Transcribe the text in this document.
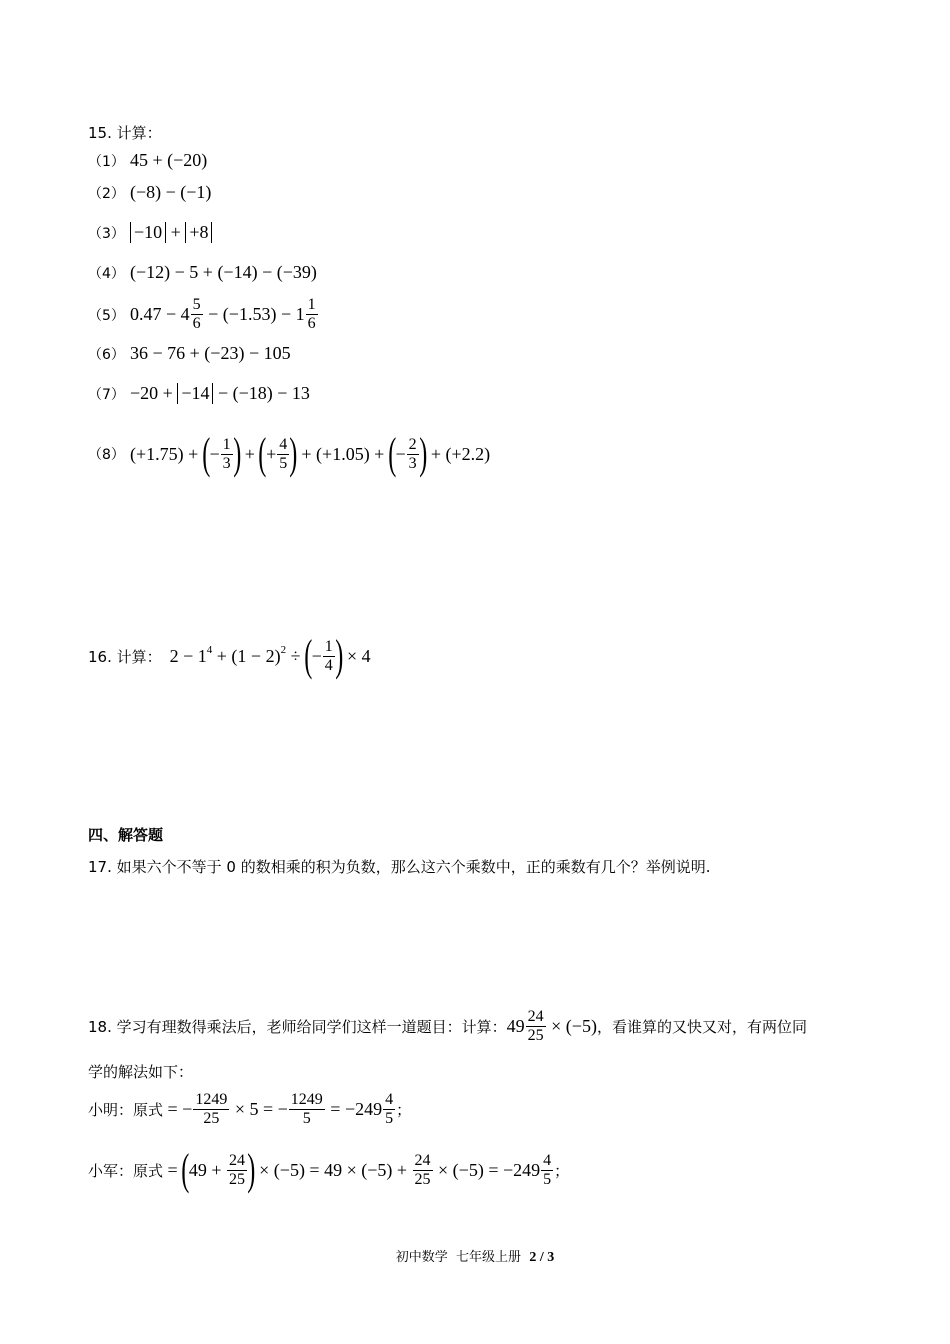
15. 计算：
（1） 45 + (−20)
（2） (−8) − (−1)
（3） −10 + +8
（4） (−12) − 5 + (−14) − (−39)
（5） $0.47 - 4 \frac{5}{6} - (-1.53) - 1 \frac{1}{6}$
（6） 36 − 76 + (−23) − 105
（7） −20 + −14 − (−18) − 13
（8） (+1.75) + ( − $\frac{1}{3}$ ) + ( + $\frac{4}{5}$ ) + (+1.05) + ( − $\frac{2}{3}$ ) + (+2.2)
16. 计算： $2 - 1^4 + (1 - 2)^2$ ÷ ( − $\frac{1}{4}$ ) × 4
四、解答题
17. 如果六个不等于 0 的数相乘的积为负数，那么这六个乘数中，正的乘数有几个？举例说明.
18. 学习有理数得乘法后，老师给同学们这样一道题目：计算： $49 \frac{24}{25} \times (-5)$ ，看谁算的又快又对，有两位同
学的解法如下：
小明：原式 = − $\frac{1249}{25} \times 5$ = − $\frac{1249}{5} = -249 \frac{4}{5}$ ；
小军：原式 = ( $49 + \frac{24}{25}$ ) × $(-5) = 49 \times (-5) + \frac{24}{25} \times (-5) = -249 \frac{4}{5}$ ；
初中数学  七年级上册  2 / 3
